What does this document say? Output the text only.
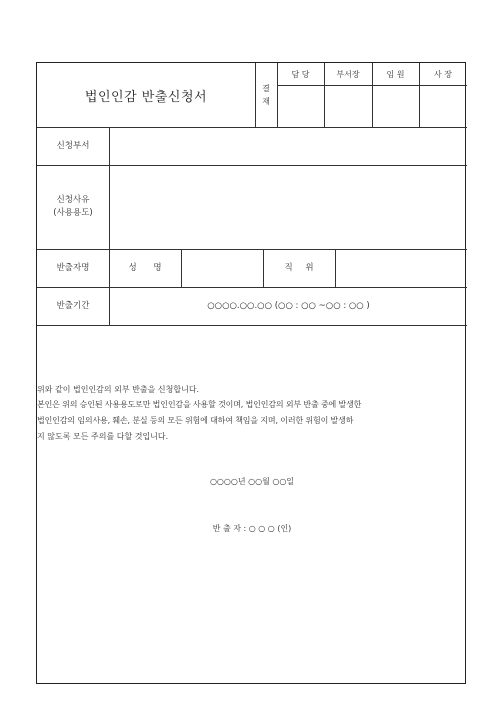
법인인감 반출신청서
결
재
담 당	부서장	임 원	사 장
신청부서
신청사유
(사용용도)
반출자명	성 명	직 위
반출기간	○○○○.○○.○○ (○○ : ○○ ~○○ : ○○ )
위와 같이 법인인감의 외부 반출을 신청합니다.
본인은 위의 승인된 사용용도로만 법인인감을 사용할 것이며, 법인인감의 외부 반출 중에 발생한
법인인감의 임의사용, 훼손, 분실 등의 모든 위험에 대하여 책임을 지며, 이러한 위험이 발생하
지 않도록 모든 주의를 다할 것입니다.
○○○○년 ○○월 ○○일
반 출 자 : ○ ○ ○ (인)
